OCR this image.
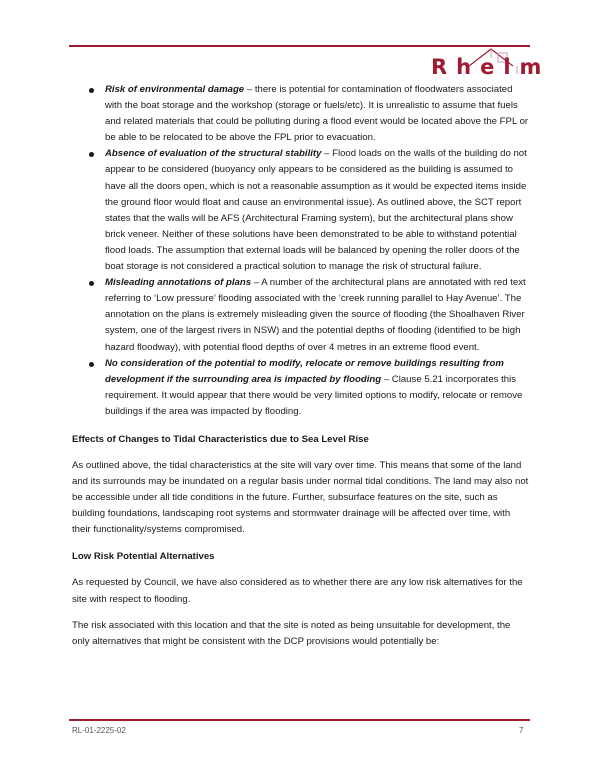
Rhelm
Risk of environmental damage – there is potential for contamination of floodwaters associated with the boat storage and the workshop (storage or fuels/etc). It is unrealistic to assume that fuels and related materials that could be polluting during a flood event would be located above the FPL or be able to be relocated to be above the FPL prior to evacuation.
Absence of evaluation of the structural stability – Flood loads on the walls of the building do not appear to be considered (buoyancy only appears to be considered as the building is assumed to have all the doors open, which is not a reasonable assumption as it would be expected items inside the ground floor would float and cause an environmental issue). As outlined above, the SCT report states that the walls will be AFS (Architectural Framing system), but the architectural plans show brick veneer. Neither of these solutions have been demonstrated to be able to withstand potential flood loads. The assumption that external loads will be balanced by opening the roller doors of the boat storage is not considered a practical solution to manage the risk of structural failure.
Misleading annotations of plans – A number of the architectural plans are annotated with red text referring to ‘Low pressure’ flooding associated with the ‘creek running parallel to Hay Avenue’. The annotation on the plans is extremely misleading given the source of flooding (the Shoalhaven River system, one of the largest rivers in NSW) and the potential depths of flooding (identified to be high hazard floodway), with potential flood depths of over 4 metres in an extreme flood event.
No consideration of the potential to modify, relocate or remove buildings resulting from development if the surrounding area is impacted by flooding – Clause 5.21 incorporates this requirement. It would appear that there would be very limited options to modify, relocate or remove buildings if the area was impacted by flooding.
Effects of Changes to Tidal Characteristics due to Sea Level Rise

As outlined above, the tidal characteristics at the site will vary over time. This means that some of the land and its surrounds may be inundated on a regular basis under normal tidal conditions. The land may also not be accessible under all tide conditions in the future. Further, subsurface features on the site, such as building foundations, landscaping root systems and stormwater drainage will be affected over time, with their functionality/systems compromised.

Low Risk Potential Alternatives

As requested by Council, we have also considered as to whether there are any low risk alternatives for the site with respect to flooding.

The risk associated with this location and that the site is noted as being unsuitable for development, the only alternatives that might be consistent with the DCP provisions would potentially be:

RL-01-2225-02	7
